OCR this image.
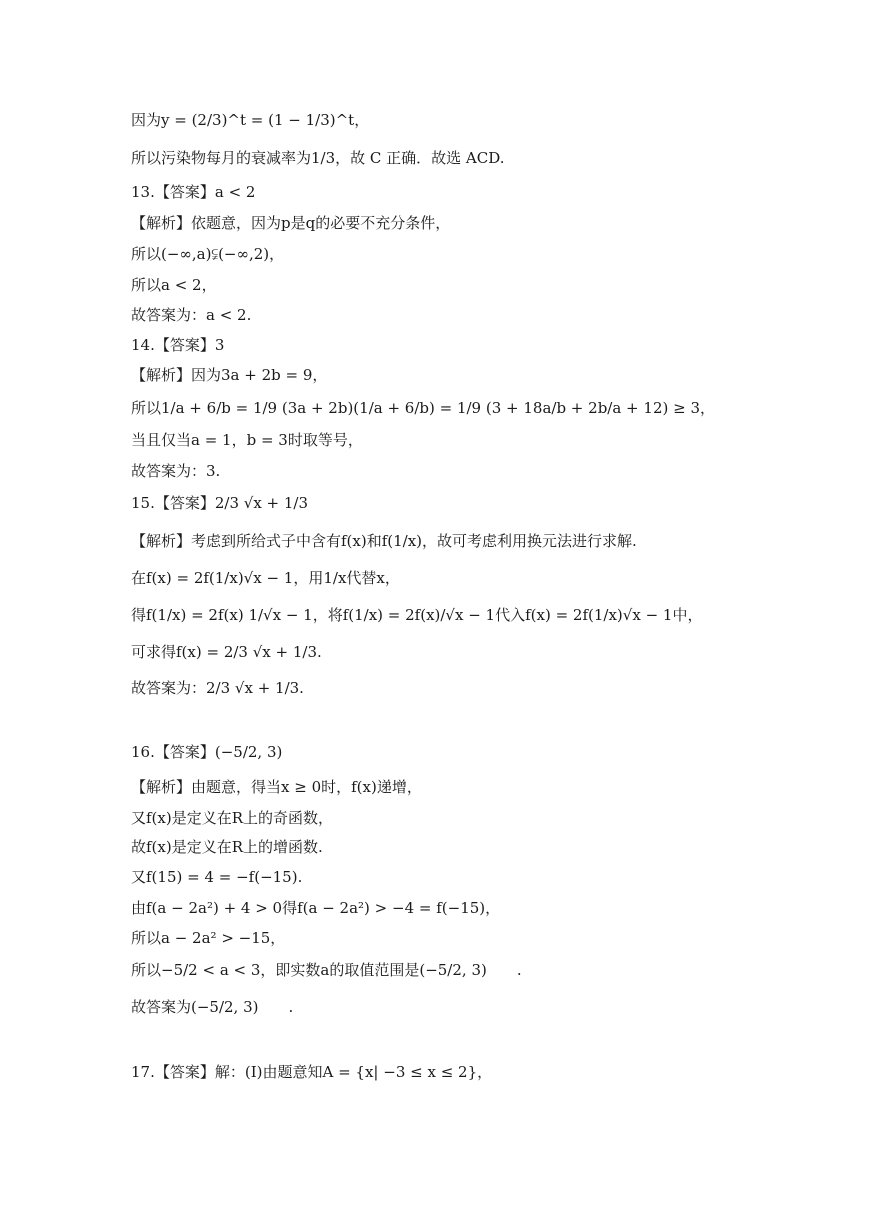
因为y = (2/3)^t = (1 − 1/3)^t，
所以污染物每月的衰减率为1/3，故 C 正确．故选 ACD.
13.【答案】a < 2
【解析】依题意，因为p是q的必要不充分条件，
所以(−∞,a)⫋(−∞,2)，
所以a < 2，
故答案为：a < 2.
14.【答案】3
【解析】因为3a + 2b = 9，
所以1/a + 6/b = 1/9 (3a + 2b)(1/a + 6/b) = 1/9 (3 + 18a/b + 2b/a + 12) ≥ 3，
当且仅当a = 1，b = 3时取等号，
故答案为：3.
15.【答案】2/3 √x + 1/3
【解析】考虑到所给式子中含有f(x)和f(1/x)，故可考虑利用换元法进行求解.
在f(x) = 2f(1/x)√x − 1，用1/x代替x，
得f(1/x) = 2f(x) 1/√x − 1，将f(1/x) = 2f(x)/√x − 1代入f(x) = 2f(1/x)√x − 1中，
可求得f(x) = 2/3 √x + 1/3.
故答案为：2/3 √x + 1/3.
16.【答案】(−5/2, 3)
【解析】由题意，得当x ≥ 0时，f(x)递增，
又f(x)是定义在R上的奇函数，
故f(x)是定义在R上的增函数.
又f(15) = 4 = −f(−15).
由f(a − 2a²) + 4 > 0得f(a − 2a²) > −4 = f(−15)，
所以a − 2a² > −15，
所以−5/2 < a < 3，即实数a的取值范围是(−5/2, 3)　　.
故答案为(−5/2, 3)　　.
17.【答案】解：(Ⅰ)由题意知A = {x| −3 ≤ x ≤ 2}，
